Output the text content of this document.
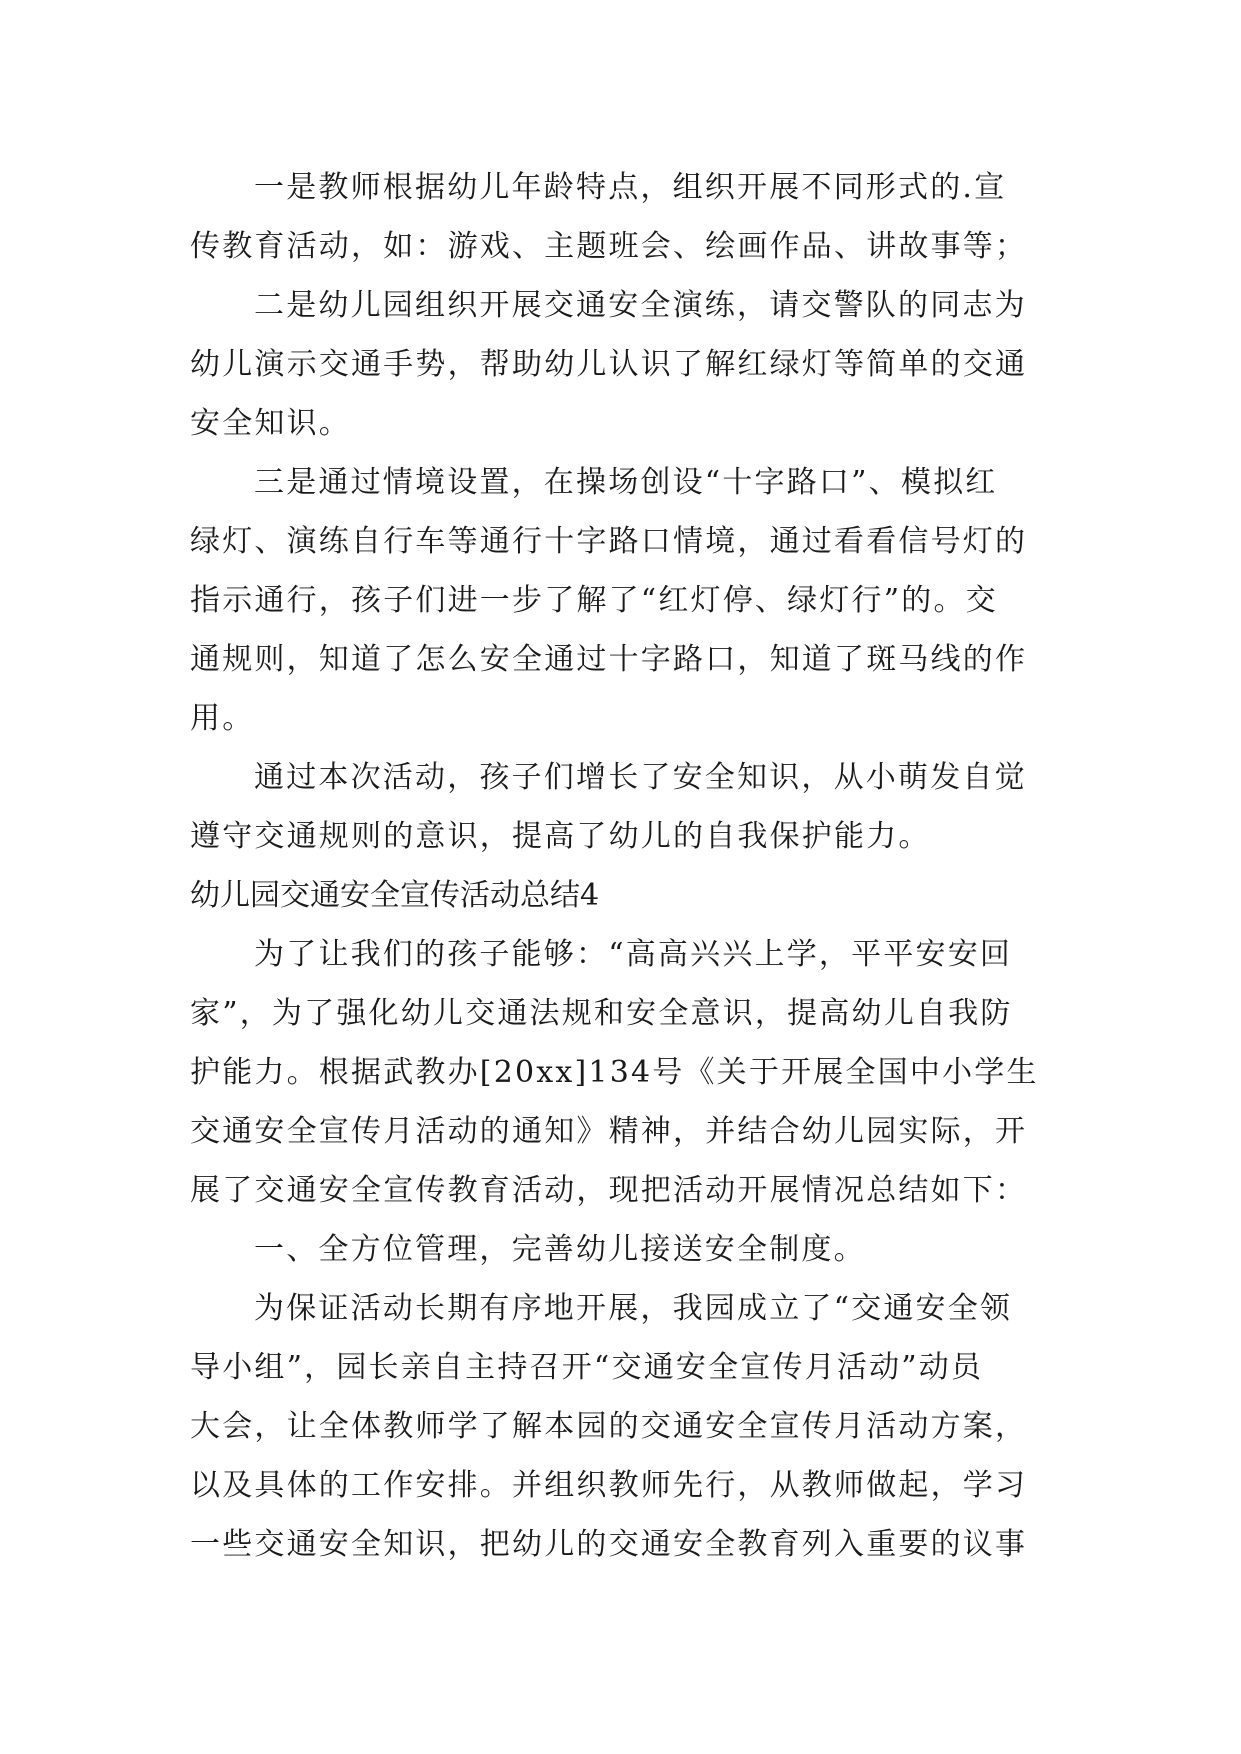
一是教师根据幼儿年龄特点，组织开展不同形式的.宣
传教育活动，如：游戏、主题班会、绘画作品、讲故事等；
二是幼儿园组织开展交通安全演练，请交警队的同志为
幼儿演示交通手势，帮助幼儿认识了解红绿灯等简单的交通
安全知识。
三是通过情境设置，在操场创设“十字路口”、模拟红
绿灯、演练自行车等通行十字路口情境，通过看看信号灯的
指示通行，孩子们进一步了解了“红灯停、绿灯行”的。交
通规则，知道了怎么安全通过十字路口，知道了斑马线的作
用。
通过本次活动，孩子们增长了安全知识，从小萌发自觉
遵守交通规则的意识，提高了幼儿的自我保护能力。
幼儿园交通安全宣传活动总结4
为了让我们的孩子能够：“高高兴兴上学，平平安安回
家”，为了强化幼儿交通法规和安全意识，提高幼儿自我防
护能力。根据武教办[20xx]134号《关于开展全国中小学生
交通安全宣传月活动的通知》精神，并结合幼儿园实际，开
展了交通安全宣传教育活动，现把活动开展情况总结如下：
一、全方位管理，完善幼儿接送安全制度。
为保证活动长期有序地开展，我园成立了“交通安全领
导小组”，园长亲自主持召开“交通安全宣传月活动”动员
大会，让全体教师学了解本园的交通安全宣传月活动方案，
以及具体的工作安排。并组织教师先行，从教师做起，学习
一些交通安全知识，把幼儿的交通安全教育列入重要的议事
